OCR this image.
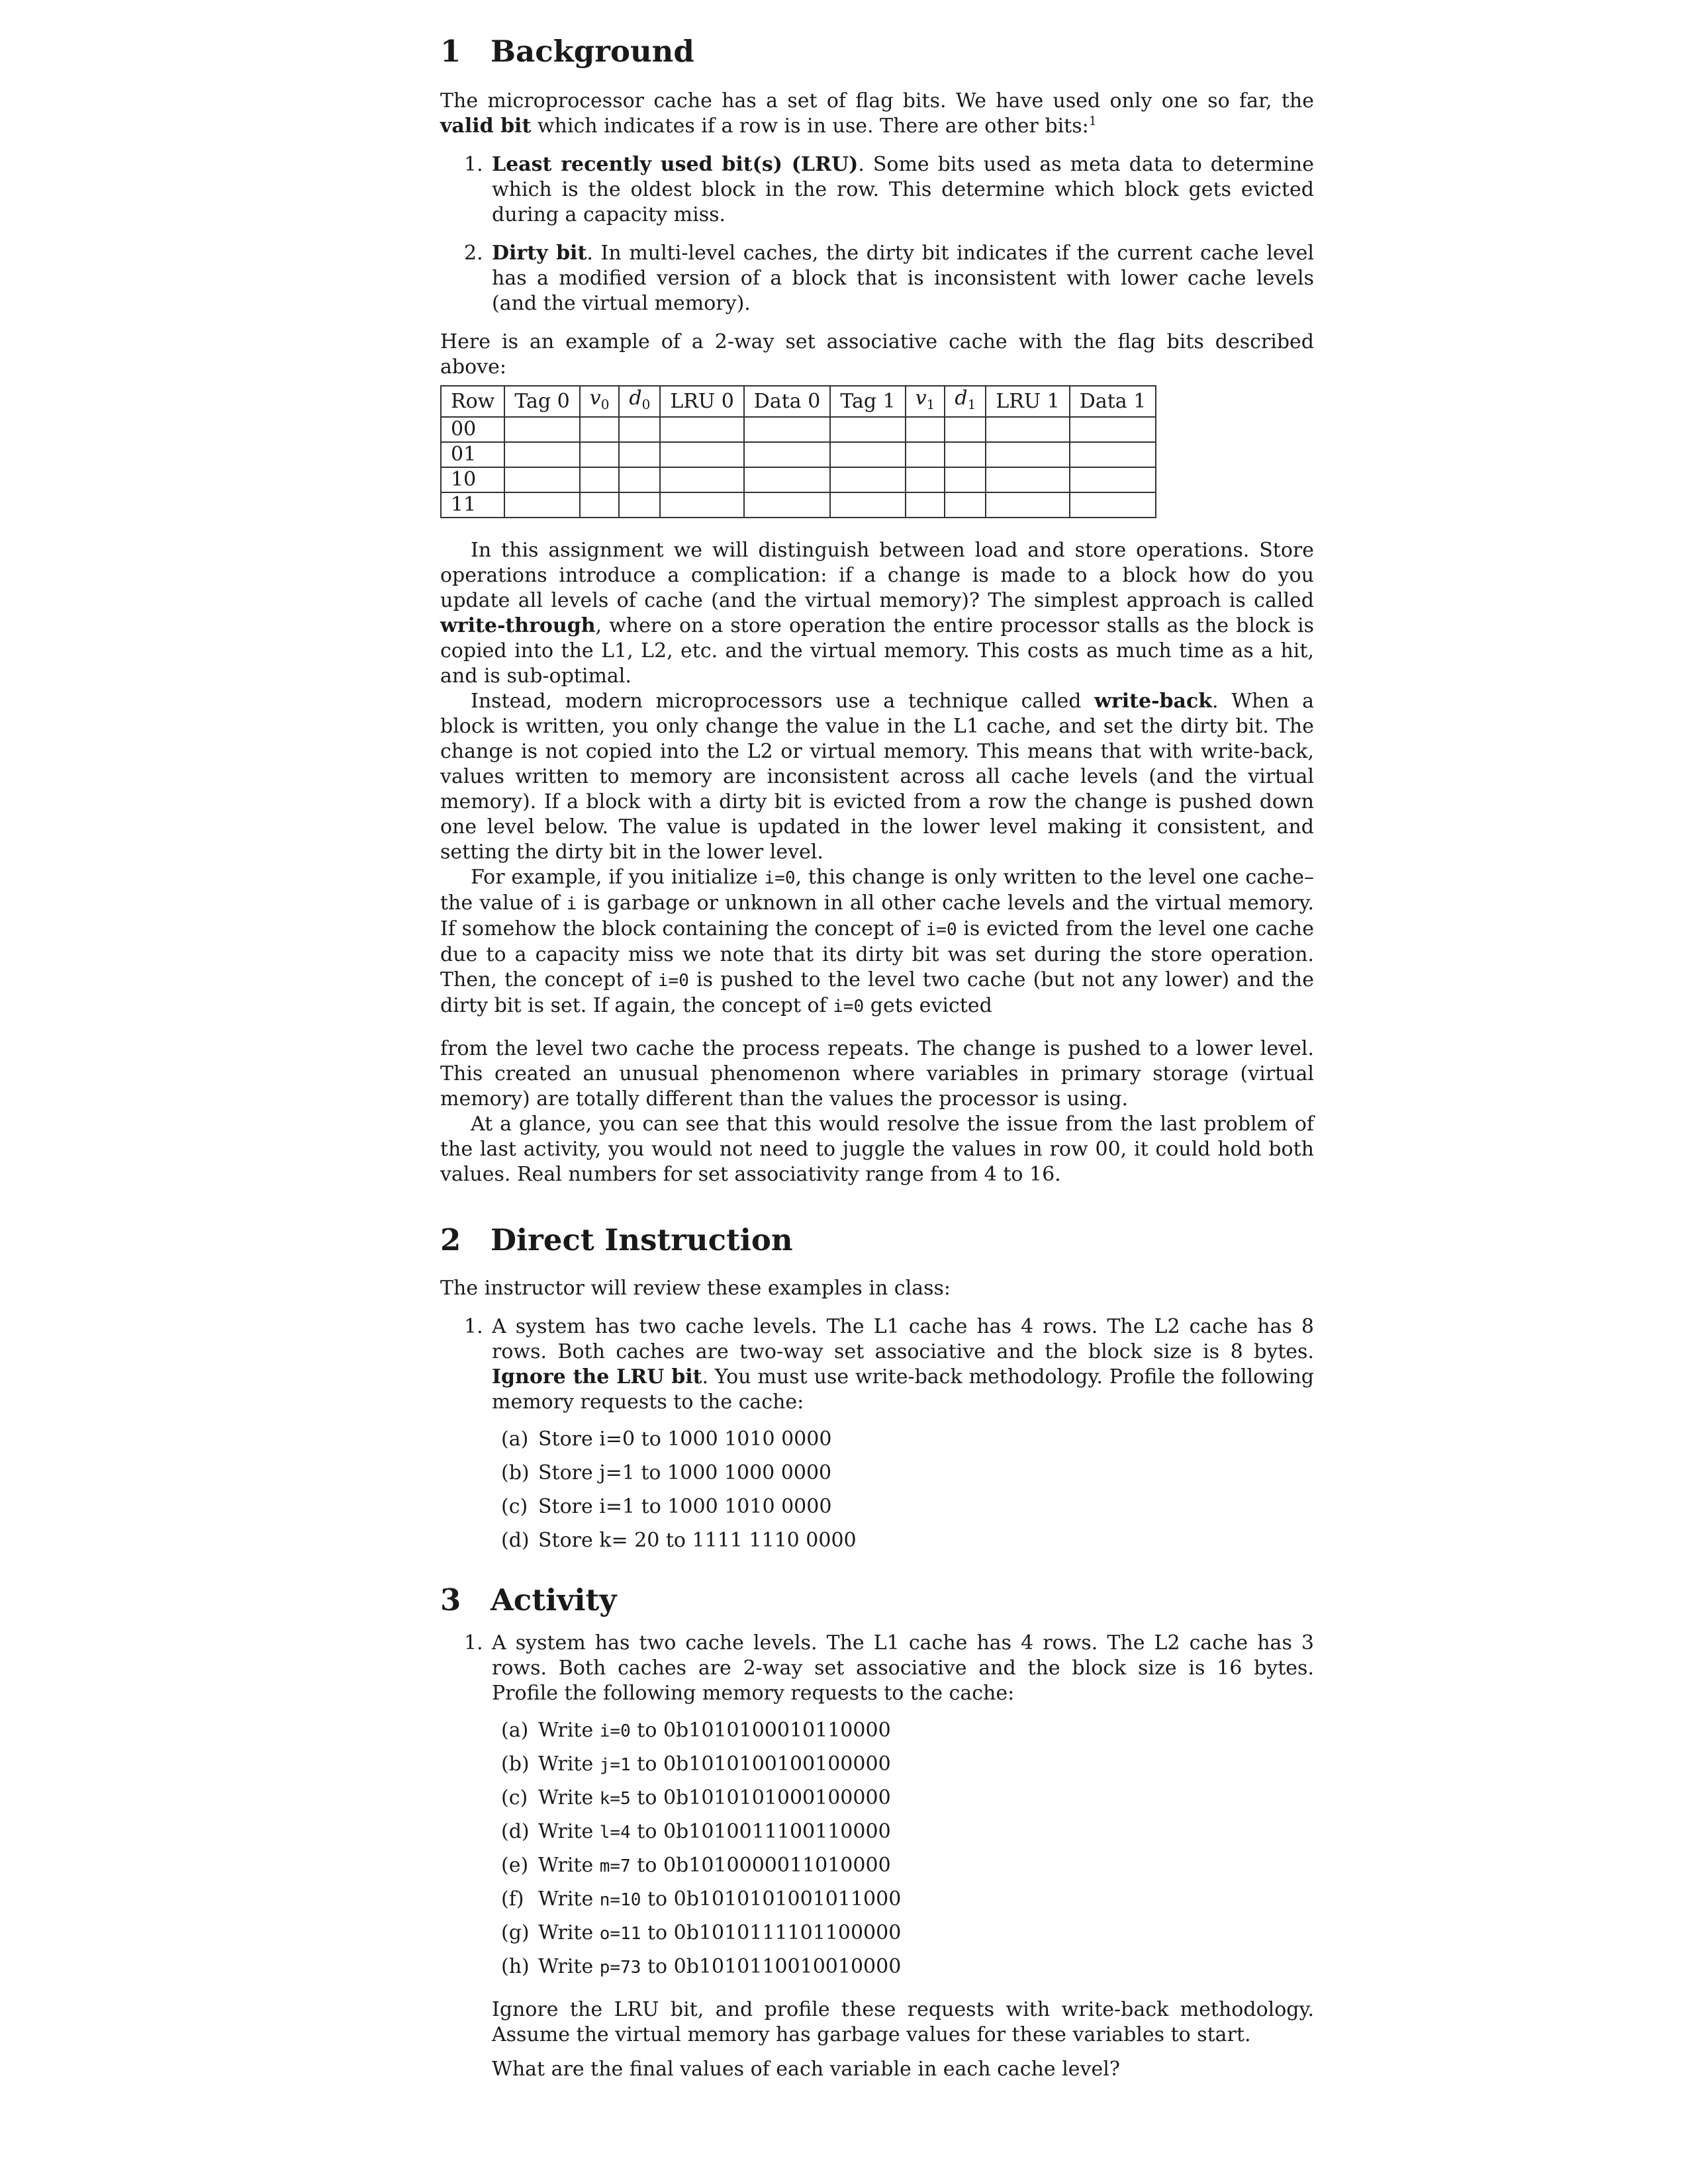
1 Background

The microprocessor cache has a set of flag bits. We have used only one so far, the valid bit which indicates if a row is in use. There are other bits:$^1$

1. Least recently used bit(s) (LRU). Some bits used as meta data to determine which is the oldest block in the row. This determine which block gets evicted during a capacity miss.
2. Dirty bit. In multi-level caches, the dirty bit indicates if the current cache level has a modified version of a block that is inconsistent with lower cache levels (and the virtual memory).

Here is an example of a 2-way set associative cache with the flag bits described above:

Row	Tag 0	$v_0$	$d_0$	LRU 0	Data 0	Tag 1	$v_1$	$d_1$	LRU 1	Data 1
00										
01										
10										
11										

In this assignment we will distinguish between load and store operations. Store operations introduce a complication: if a change is made to a block how do you update all levels of cache (and the virtual memory)? The simplest approach is called write-through, where on a store operation the entire processor stalls as the block is copied into the L1, L2, etc. and the virtual memory. This costs as much time as a hit, and is sub-optimal.

Instead, modern microprocessors use a technique called write-back. When a block is written, you only change the value in the L1 cache, and set the dirty bit. The change is not copied into the L2 or virtual memory. This means that with write-back, values written to memory are inconsistent across all cache levels (and the virtual memory). If a block with a dirty bit is evicted from a row the change is pushed down one level below. The value is updated in the lower level making it consistent, and setting the dirty bit in the lower level.

For example, if you initialize i=0, this change is only written to the level one cache–the value of i is garbage or unknown in all other cache levels and the virtual memory. If somehow the block containing the concept of i=0 is evicted from the level one cache due to a capacity miss we note that its dirty bit was set during the store operation. Then, the concept of i=0 is pushed to the level two cache (but not any lower) and the dirty bit is set. If again, the concept of i=0 gets evicted

from the level two cache the process repeats. The change is pushed to a lower level. This created an unusual phenomenon where variables in primary storage (virtual memory) are totally different than the values the processor is using.

At a glance, you can see that this would resolve the issue from the last problem of the last activity, you would not need to juggle the values in row 00, it could hold both values. Real numbers for set associativity range from 4 to 16.

2 Direct Instruction

The instructor will review these examples in class:

1. A system has two cache levels. The L1 cache has 4 rows. The L2 cache has 8 rows. Both caches are two-way set associative and the block size is 8 bytes. Ignore the LRU bit. You must use write-back methodology. Profile the following memory requests to the cache:
(a) Store i=0 to 1000 1010 0000
(b) Store j=1 to 1000 1000 0000
(c) Store i=1 to 1000 1010 0000
(d) Store k= 20 to 1111 1110 0000
3 Activity
1. A system has two cache levels. The L1 cache has 4 rows. The L2 cache has 3 rows. Both caches are 2-way set associative and the block size is 16 bytes. Profile the following memory requests to the cache:
(a) Write i=0 to 0b1010100010110000
(b) Write j=1 to 0b1010100100100000
(c) Write k=5 to 0b1010101000100000
(d) Write l=4 to 0b1010011100110000
(e) Write m=7 to 0b1010000011010000
(f) Write n=10 to 0b1010101001011000
(g) Write o=11 to 0b1010111101100000
(h) Write p=73 to 0b1010110010010000

Ignore the LRU bit, and profile these requests with write-back methodology. Assume the virtual memory has garbage values for these variables to start.

What are the final values of each variable in each cache level?
